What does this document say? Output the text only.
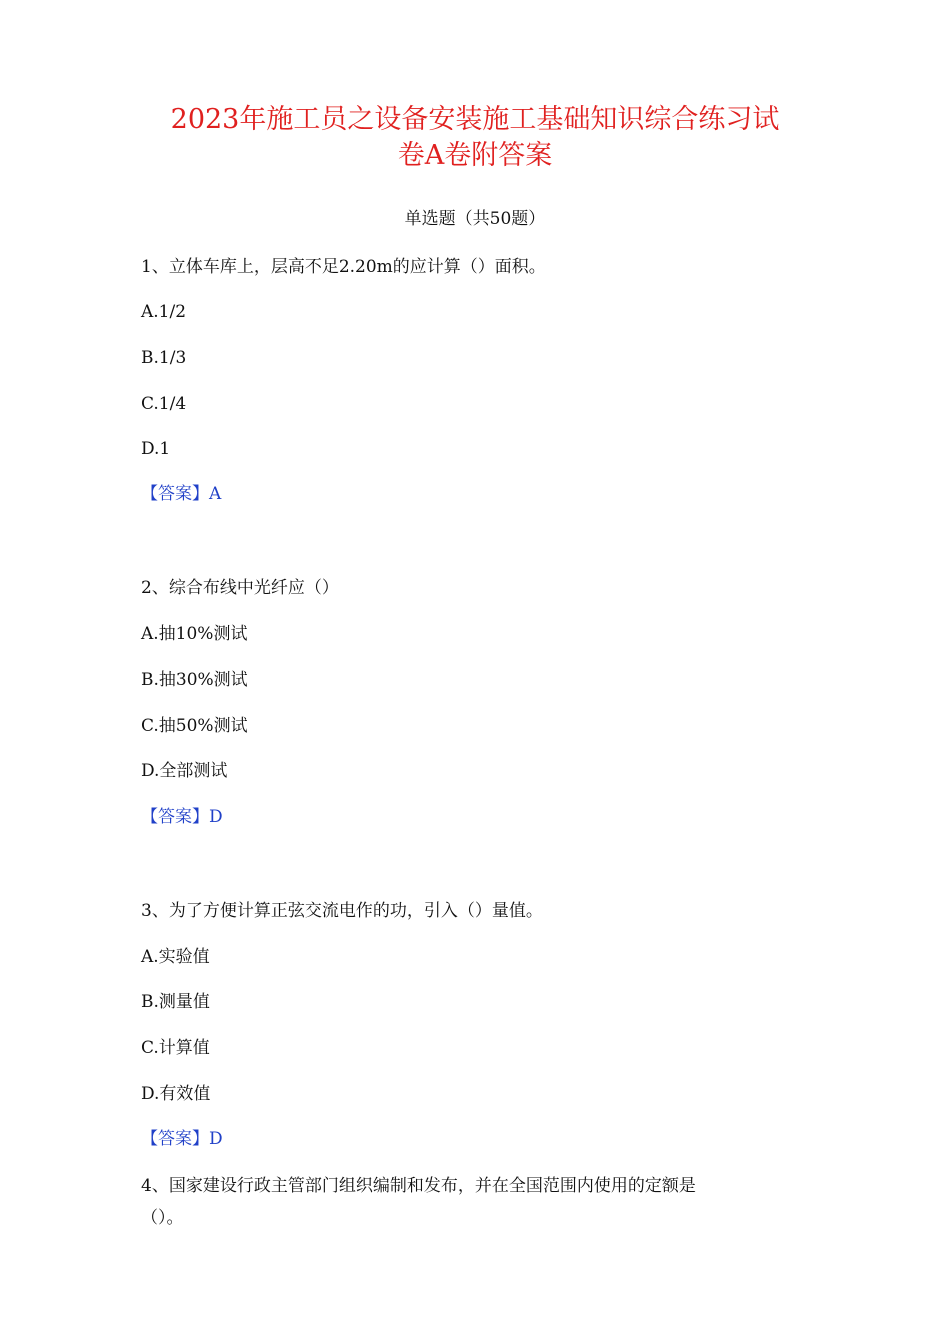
2023年施工员之设备安装施工基础知识综合练习试
卷A卷附答案
单选题（共50题）
1、立体车库上，层高不足2.20m的应计算（）面积。
A.1/2
B.1/3
C.1/4
D.1
【答案】A
2、综合布线中光纤应（）
A.抽10%测试
B.抽30%测试
C.抽50%测试
D.全部测试
【答案】D
3、为了方便计算正弦交流电作的功，引入（）量值。
A.实验值
B.测量值
C.计算值
D.有效值
【答案】D
4、国家建设行政主管部门组织编制和发布，并在全国范围内使用的定额是
（）。
